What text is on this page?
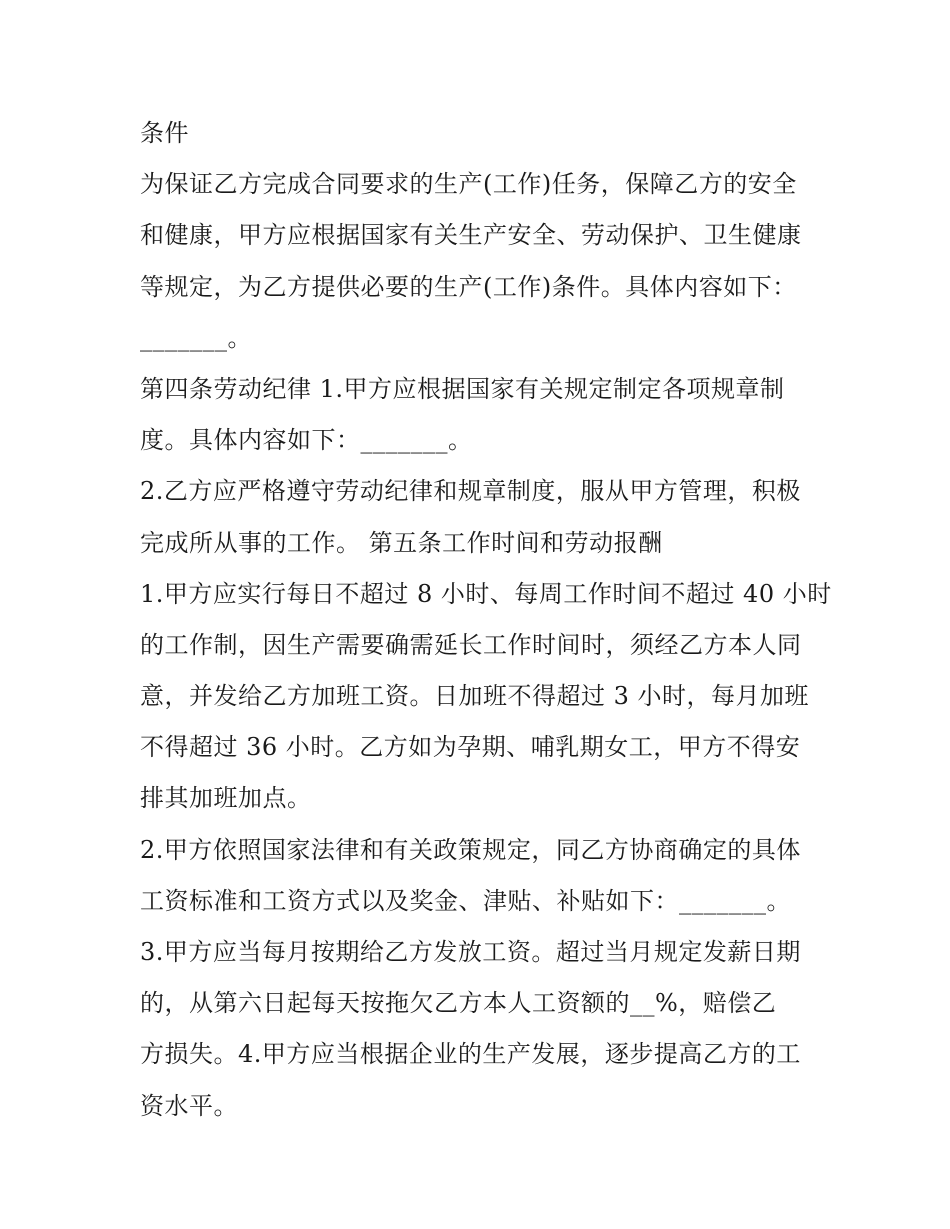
条件
为保证乙方完成合同要求的生产(工作)任务，保障乙方的安全
和健康，甲方应根据国家有关生产安全、劳动保护、卫生健康
等规定，为乙方提供必要的生产(工作)条件。具体内容如下：
_______。
第四条劳动纪律 1.甲方应根据国家有关规定制定各项规章制
度。具体内容如下：_______。
2.乙方应严格遵守劳动纪律和规章制度，服从甲方管理，积极
完成所从事的工作。 第五条工作时间和劳动报酬
1.甲方应实行每日不超过 8 小时、每周工作时间不超过 40 小时
的工作制，因生产需要确需延长工作时间时，须经乙方本人同
意，并发给乙方加班工资。日加班不得超过 3 小时，每月加班
不得超过 36 小时。乙方如为孕期、哺乳期女工，甲方不得安
排其加班加点。
2.甲方依照国家法律和有关政策规定，同乙方协商确定的具体
工资标准和工资方式以及奖金、津贴、补贴如下：_______。
3.甲方应当每月按期给乙方发放工资。超过当月规定发薪日期
的，从第六日起每天按拖欠乙方本人工资额的__%，赔偿乙
方损失。4.甲方应当根据企业的生产发展，逐步提高乙方的工
资水平。
